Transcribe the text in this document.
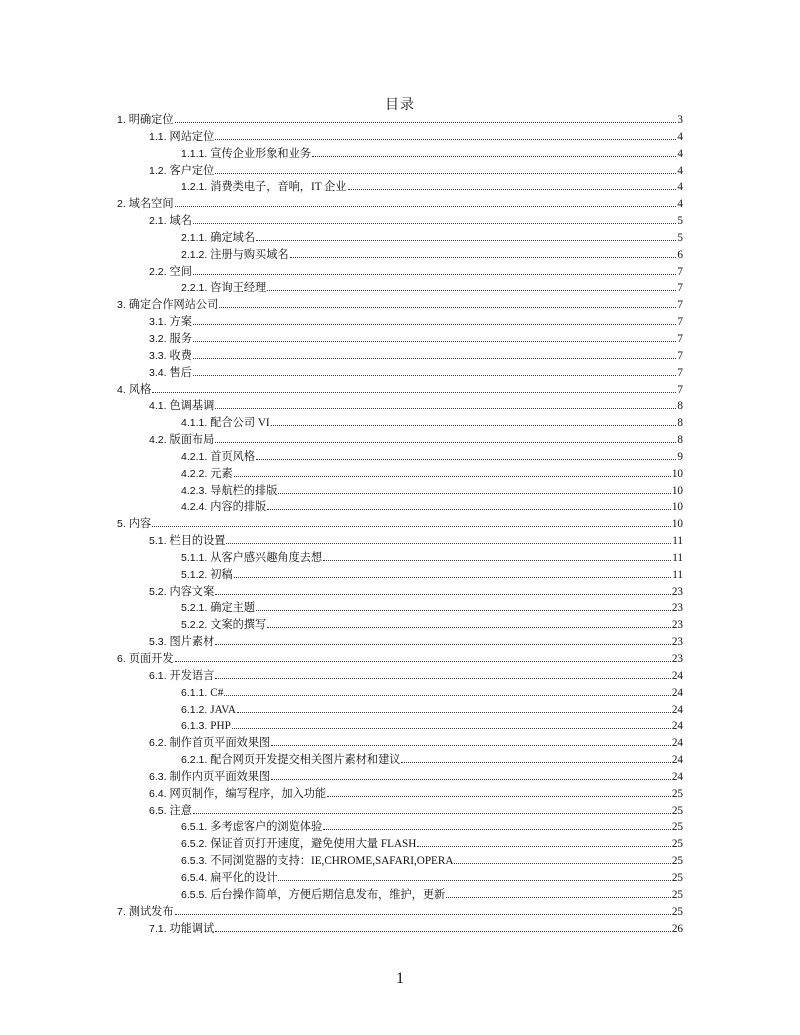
目录
1. 明确定位	3
1.1. 网站定位	4
1.1.1. 宣传企业形象和业务	4
1.2. 客户定位	4
1.2.1. 消费类电子，音响，IT 企业	4
2. 域名空间	4
2.1. 域名	5
2.1.1. 确定域名	5
2.1.2. 注册与购买域名	6
2.2. 空间	7
2.2.1. 咨询王经理	7
3. 确定合作网站公司	7
3.1. 方案	7
3.2. 服务	7
3.3. 收费	7
3.4. 售后	7
4. 风格	7
4.1. 色调基调	8
4.1.1. 配合公司 VI	8
4.2. 版面布局	8
4.2.1. 首页风格	9
4.2.2. 元素	10
4.2.3. 导航栏的排版	10
4.2.4. 内容的排版	10
5. 内容	10
5.1. 栏目的设置	11
5.1.1. 从客户感兴趣角度去想	11
5.1.2. 初稿	11
5.2. 内容文案	23
5.2.1. 确定主题	23
5.2.2. 文案的撰写	23
5.3. 图片素材	23
6. 页面开发	23
6.1. 开发语言	24
6.1.1. C#	24
6.1.2. JAVA	24
6.1.3. PHP	24
6.2. 制作首页平面效果图	24
6.2.1. 配合网页开发提交相关图片素材和建议	24
6.3. 制作内页平面效果图	24
6.4. 网页制作，编写程序，加入功能	25
6.5. 注意	25
6.5.1. 多考虑客户的浏览体验	25
6.5.2. 保证首页打开速度，避免使用大量 FLASH	25
6.5.3. 不同浏览器的支持：IE,CHROME,SAFARI,OPERA	25
6.5.4. 扁平化的设计	25
6.5.5. 后台操作简单，方便后期信息发布，维护，更新	25
7. 测试发布	25
7.1. 功能调试	26
1
